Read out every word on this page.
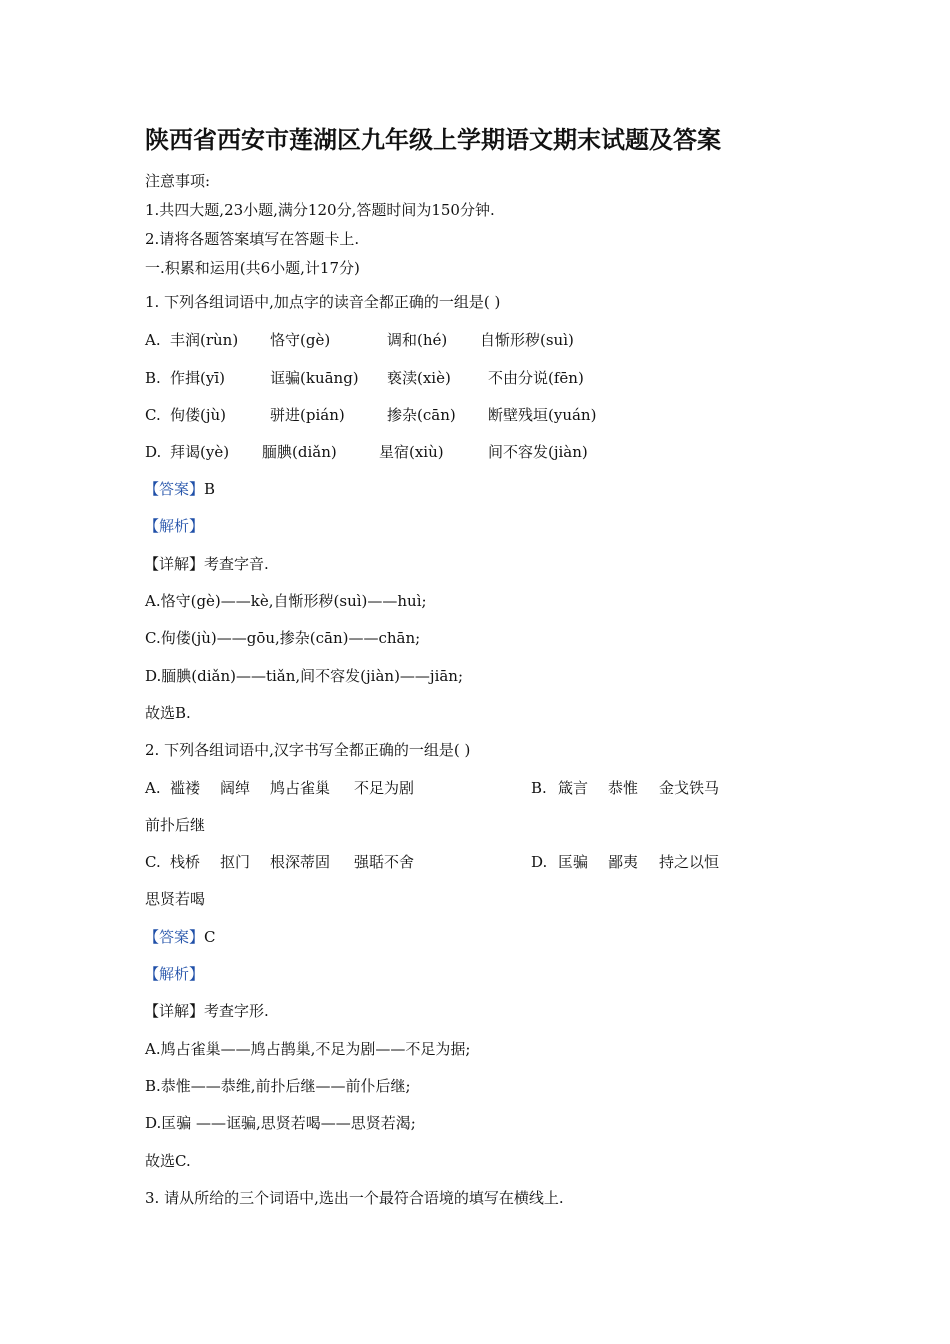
陕西省西安市莲湖区九年级上学期语文期末试题及答案
注意事项:
1.共四大题,23小题,满分120分,答题时间为150分钟.
2.请将各题答案填写在答题卡上.
一.积累和运用(共6小题,计17分)
1. 下列各组词语中,加点字的读音全都正确的一组是( )
A. 丰润(rùn) 恪守(gè)	调和(hé) 自惭形秽(suì)
B. 作揖(yī)	诓骗(kuāng) 亵渎(xiè) 不由分说(fēn)
C. 佝偻(jù)	骈进(pián)	掺杂(cān) 断壁残垣(yuán)
D. 拜谒(yè) 腼腆(diǎn)	星宿(xiù)	间不容发(jiàn)
【答案】B
【解析】
【详解】考查字音.
A.恪守(gè)——kè,自惭形秽(suì)——huì;
C.佝偻(jù)——gōu,掺杂(cān)——chān;
D.腼腆(diǎn)——tiǎn,间不容发(jiàn)——jiān;
故选B.
2. 下列各组词语中,汉字书写全都正确的一组是( )
A. 褴褛 阔绰 鸠占雀巢 不足为剧	B. 箴言 恭惟 金戈铁马
前扑后继
C. 栈桥 抠门 根深蒂固 强聒不舍	D. 匡骗 鄙夷 持之以恒
思贤若喝
【答案】C
【解析】
【详解】考查字形.
A.鸠占雀巢——鸠占鹊巢,不足为剧——不足为据;
B.恭惟——恭维,前扑后继——前仆后继;
D.匡骗 ——诓骗,思贤若喝——思贤若渴;
故选C.
3. 请从所给的三个词语中,选出一个最符合语境的填写在横线上.
